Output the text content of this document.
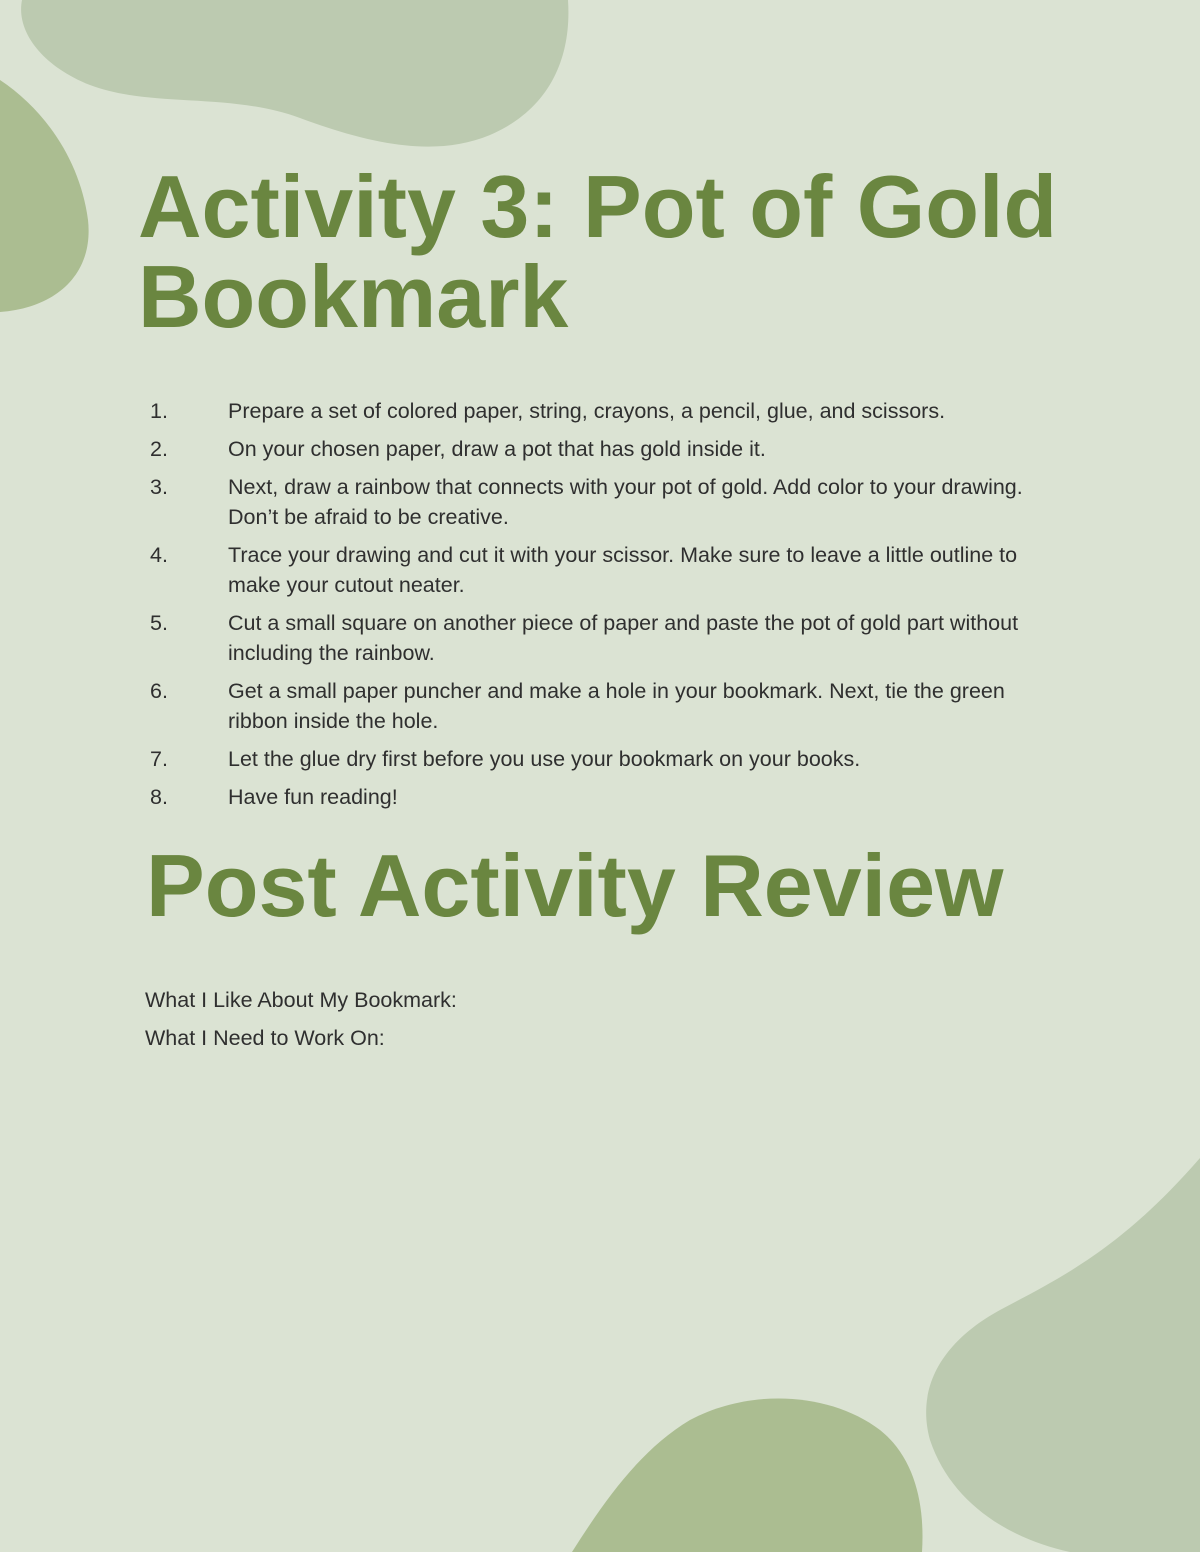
Activity 3: Pot of Gold Bookmark
1.	Prepare a set of colored paper, string, crayons, a pencil, glue, and scissors.
2.	On your chosen paper, draw a pot that has gold inside it.
3.	Next, draw a rainbow that connects with your pot of gold. Add color to your drawing. Don’t be afraid to be creative.
4.	Trace your drawing and cut it with your scissor. Make sure to leave a little outline to make your cutout neater.
5.	Cut a small square on another piece of paper and paste the pot of gold part without including the rainbow.
6.	Get a small paper puncher and make a hole in your bookmark. Next, tie the green ribbon inside the hole.
7.	Let the glue dry first before you use your bookmark on your books.
8.	Have fun reading!
Post Activity Review
What I Like About My Bookmark:
What I Need to Work On:
